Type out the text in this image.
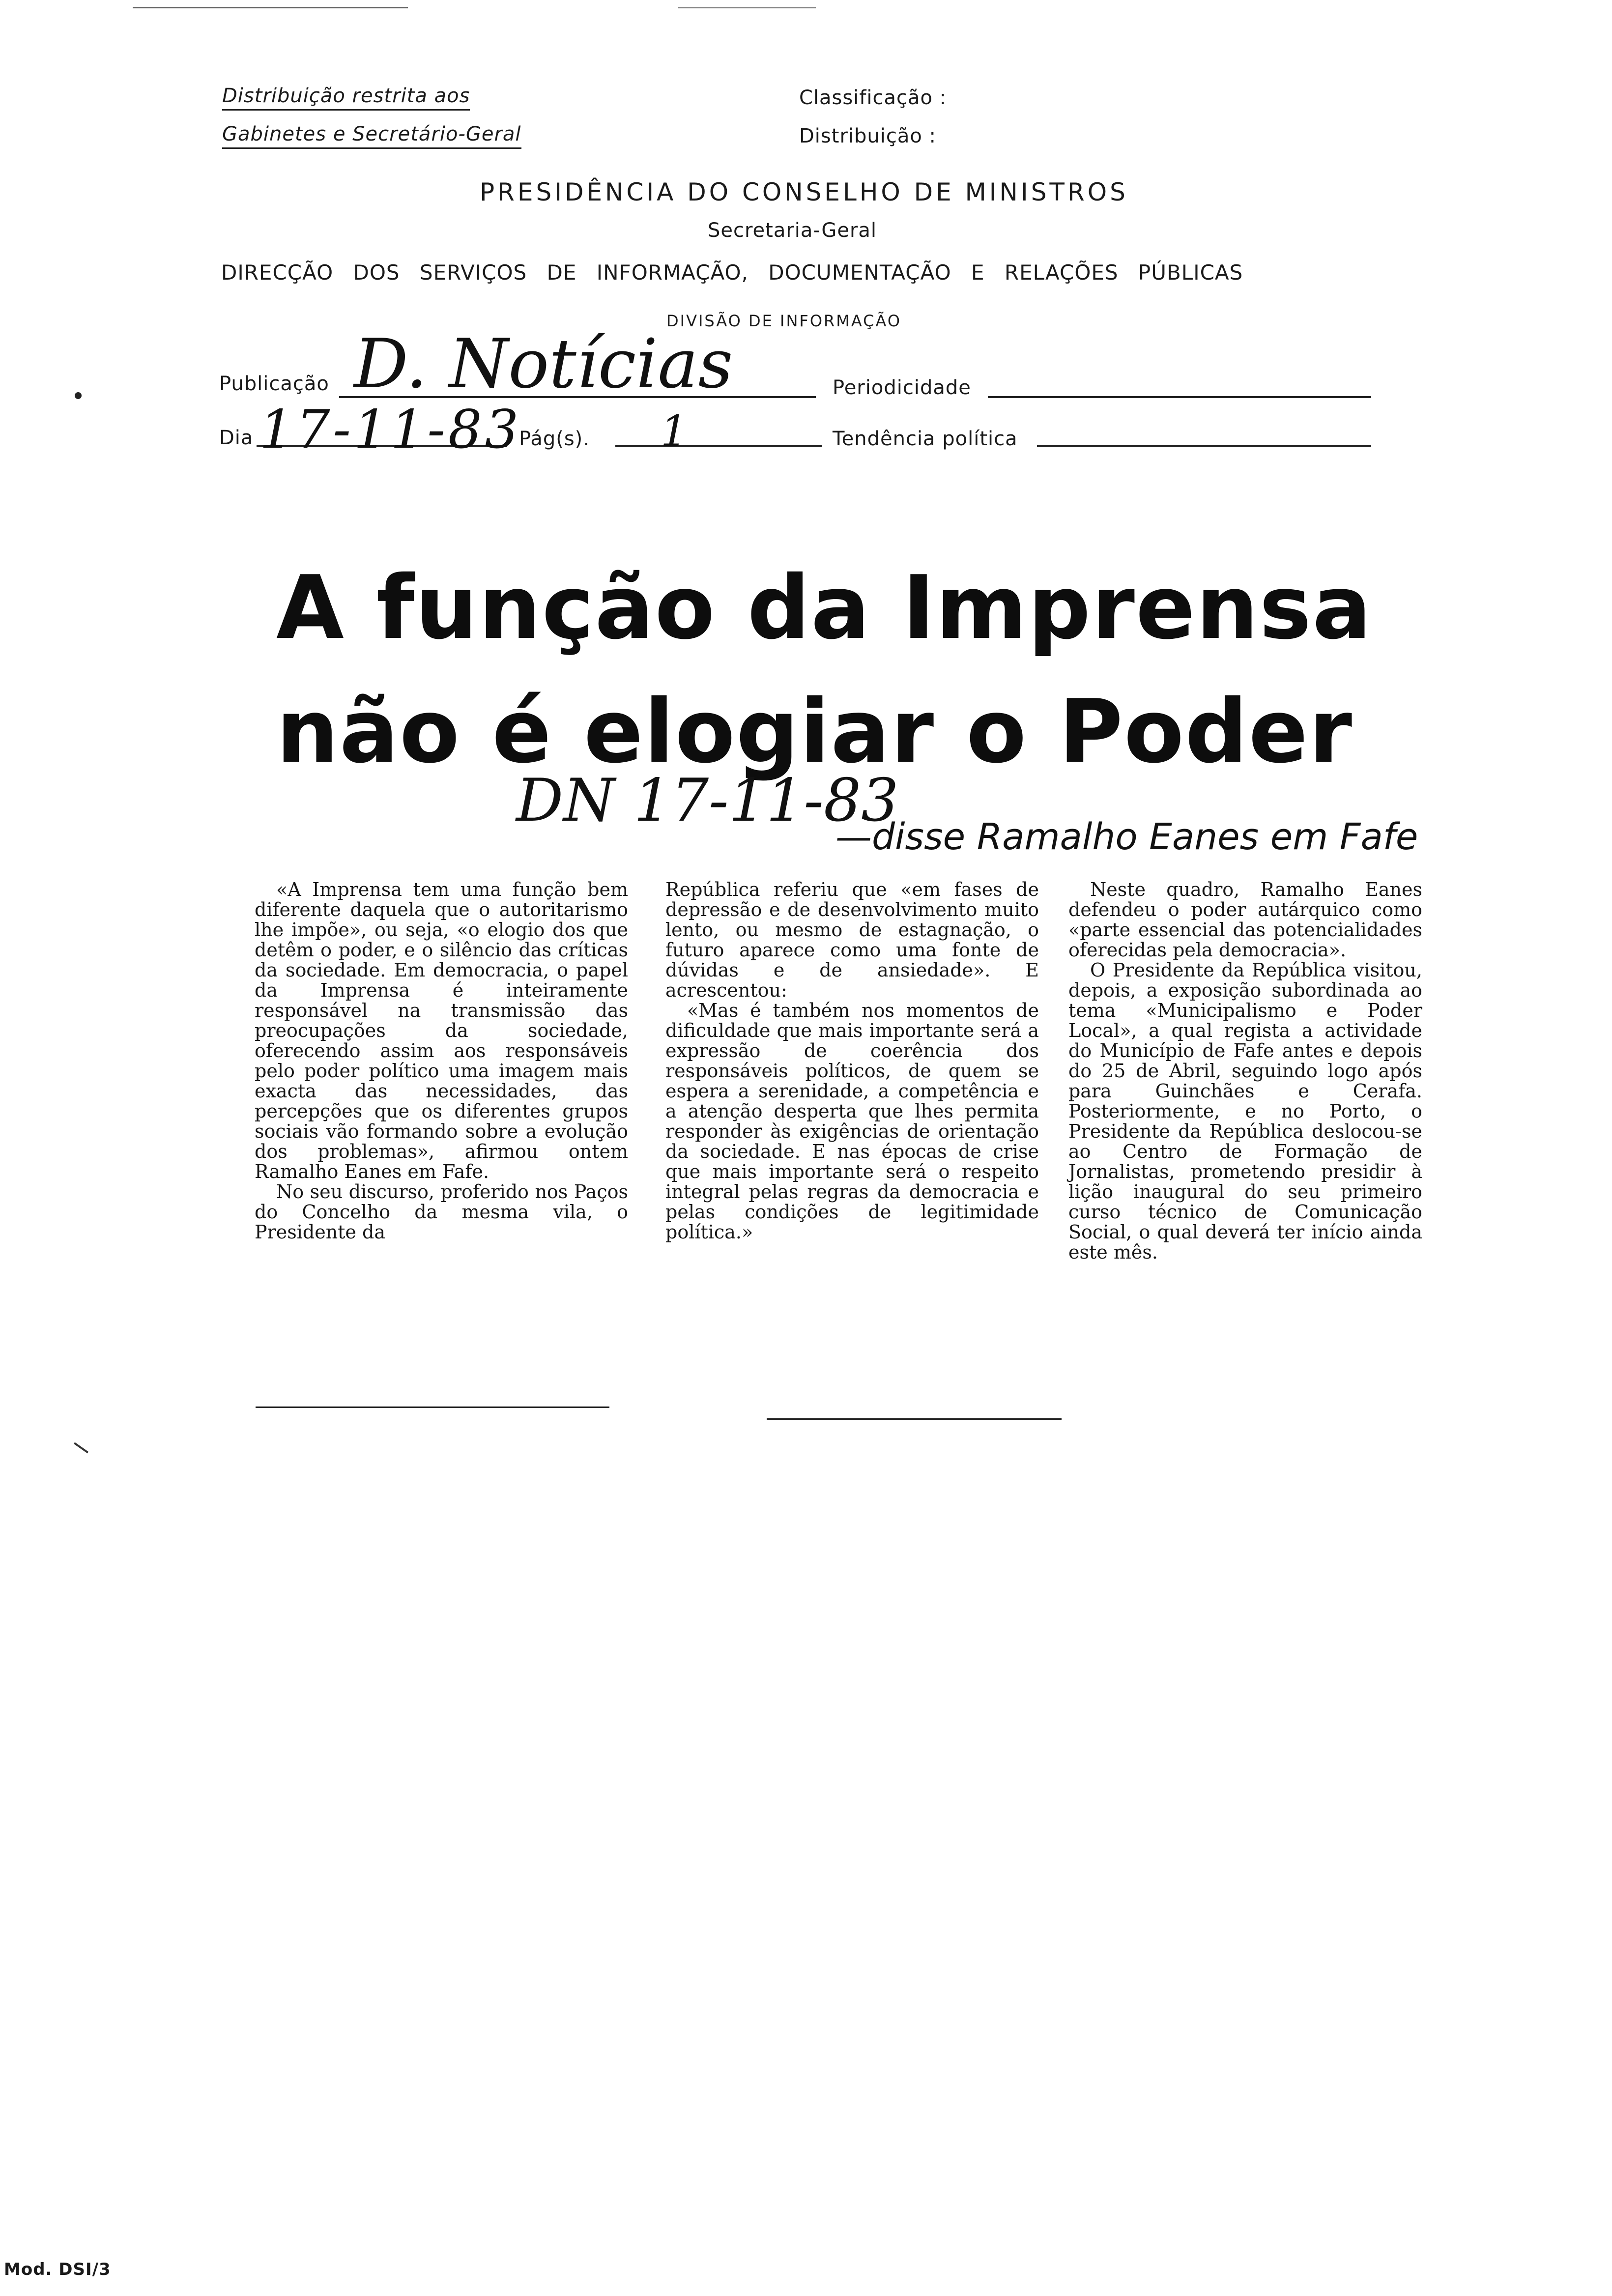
Distribuição restrita aos
Gabinetes e Secretário-Geral
Classificação :
Distribuição :
PRESIDÊNCIA DO CONSELHO DE MINISTROS
Secretaria-Geral
DIRECÇÃO DOS SERVIÇOS DE INFORMAÇÃO, DOCUMENTAÇÃO E RELAÇÕES PÚBLICAS
DIVISÃO DE INFORMAÇÃO
Publicação D. Notícias	Periodicidade
Dia 17-11-83
Pág(s). 1	Tendência política
A função da Imprensa
não é elogiar o Poder
DN 17-11-83
—disse Ramalho Eanes em Fafe

«A Imprensa tem uma função bem diferente daquela que o autoritarismo lhe impõe», ou seja, «o elogio dos que detêm o poder, e o silêncio das críticas da sociedade. Em democracia, o papel da Imprensa é inteiramente responsável na transmissão das preocupações da sociedade, oferecendo assim aos responsáveis pelo poder político uma imagem mais exacta das necessidades, das percepções que os diferentes grupos sociais vão formando sobre a evolução dos problemas», afirmou ontem Ramalho Eanes em Fafe.

No seu discurso, proferido nos Paços do Concelho da mesma vila, o Presidente da

República referiu que «em fases de depressão e de desenvolvimento muito lento, ou mesmo de estagnação, o futuro aparece como uma fonte de dúvidas e de ansiedade». E acrescentou:

«Mas é também nos momentos de dificuldade que mais importante será a expressão de coerência dos responsáveis políticos, de quem se espera a serenidade, a competência e a atenção desperta que lhes permita responder às exigências de orientação da sociedade. E nas épocas de crise que mais importante será o respeito integral pelas regras da democracia e pelas condições de legitimidade política.»

Neste quadro, Ramalho Eanes defendeu o poder autárquico como «parte essencial das potencialidades oferecidas pela democracia».

O Presidente da República visitou, depois, a exposição subordinada ao tema «Municipalismo e Poder Local», a qual regista a actividade do Município de Fafe antes e depois do 25 de Abril, seguindo logo após para Guinchães e Cerafa. Posteriormente, e no Porto, o Presidente da República deslocou-se ao Centro de Formação de Jornalistas, prometendo presidir à lição inaugural do seu primeiro curso técnico de Comunicação Social, o qual deverá ter início ainda este mês.

Mod. DSI/3
